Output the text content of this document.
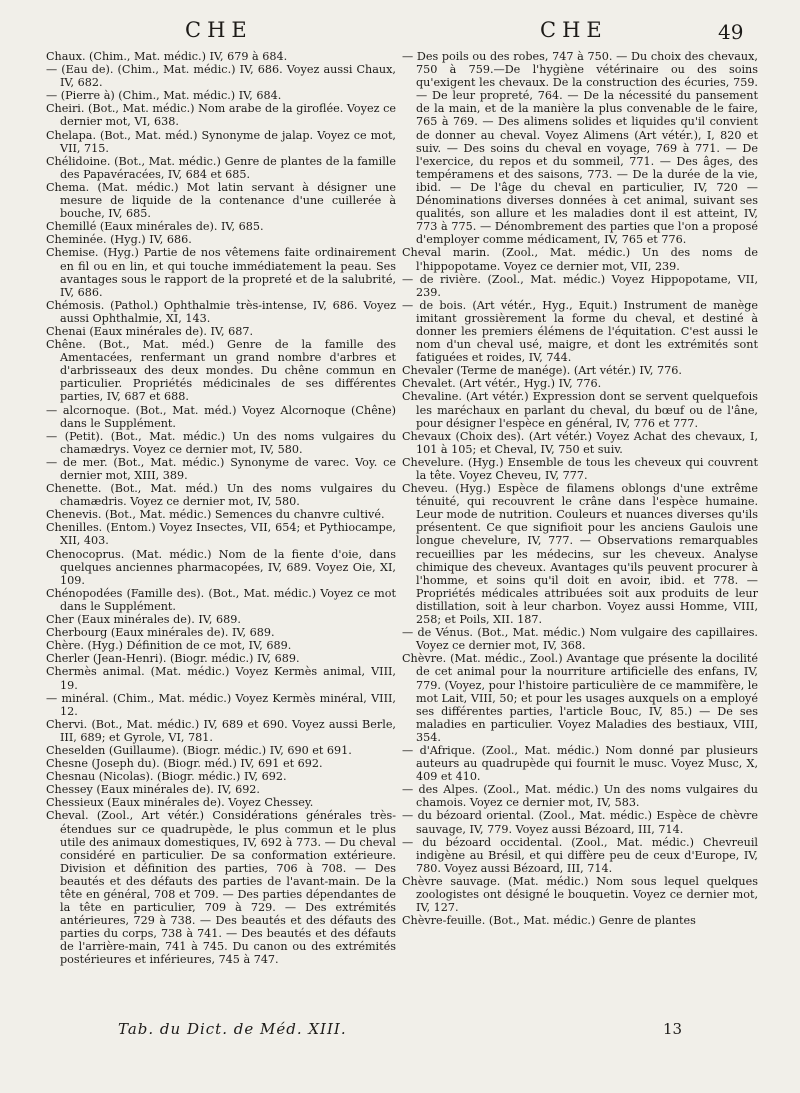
CHE	CHE	49

Chaux. (Chim., Mat. médic.) IV, 679 à 684.

— (Eau de). (Chim., Mat. médic.) IV, 686. Voyez aussi Chaux, IV, 682.

— (Pierre à) (Chim., Mat. médic.) IV, 684.

Cheiri. (Bot., Mat. médic.) Nom arabe de la giroflée. Voyez ce dernier mot, VI, 638.

Chelapa. (Bot., Mat. méd.) Synonyme de jalap. Voyez ce mot, VII, 715.

Chélidoine. (Bot., Mat. médic.) Genre de plantes de la famille des Papavéracées, IV, 684 et 685.

Chema. (Mat. médic.) Mot latin servant à désigner une mesure de liquide de la contenance d'une cuillerée à bouche, IV, 685.

Chemillé (Eaux minérales de). IV, 685.

Cheminée. (Hyg.) IV, 686.

Chemise. (Hyg.) Partie de nos vêtemens faite ordinairement en fil ou en lin, et qui touche immédiatement la peau. Ses avantages sous le rapport de la propreté et de la salubrité, IV, 686.

Chémosis. (Pathol.) Ophthalmie très-intense, IV, 686. Voyez aussi Ophthalmie, XI, 143.

Chenai (Eaux minérales de). IV, 687.

Chêne. (Bot., Mat. méd.) Genre de la famille des Amentacées, renfermant un grand nombre d'arbres et d'arbrisseaux des deux mondes. Du chêne commun en particulier. Propriétés médicinales de ses différentes parties, IV, 687 et 688.

— alcornoque. (Bot., Mat. méd.) Voyez Alcornoque (Chêne) dans le Supplément.

— (Petit). (Bot., Mat. médic.) Un des noms vulgaires du chamædrys. Voyez ce dernier mot, IV, 580.

— de mer. (Bot., Mat. médic.) Synonyme de varec. Voy. ce dernier mot, XIII, 389.

Chenette. (Bot., Mat. méd.) Un des noms vulgaires du chamædris. Voyez ce dernier mot, IV, 580.

Chenevis. (Bot., Mat. médic.) Semences du chanvre cultivé.

Chenilles. (Entom.) Voyez Insectes, VII, 654; et Pythiocampe, XII, 403.

Chenocoprus. (Mat. médic.) Nom de la fiente d'oie, dans quelques anciennes pharmacopées, IV, 689. Voyez Oie, XI, 109.

Chénopodées (Famille des). (Bot., Mat. médic.) Voyez ce mot dans le Supplément.

Cher (Eaux minérales de). IV, 689.

Cherbourg (Eaux minérales de). IV, 689.

Chère. (Hyg.) Définition de ce mot, IV, 689.

Cherler (Jean-Henri). (Biogr. médic.) IV, 689.

Chermès animal. (Mat. médic.) Voyez Kermès animal, VIII, 19.

— minéral. (Chim., Mat. médic.) Voyez Kermès minéral, VIII, 12.

Chervi. (Bot., Mat. médic.) IV, 689 et 690. Voyez aussi Berle, III, 689; et Gyrole, VI, 781.

Cheselden (Guillaume). (Biogr. médic.) IV, 690 et 691.

Chesne (Joseph du). (Biogr. méd.) IV, 691 et 692.

Chesnau (Nicolas). (Biogr. médic.) IV, 692.

Chessey (Eaux minérales de). IV, 692.

Chessieux (Eaux minérales de). Voyez Chessey.

Cheval. (Zool., Art vétér.) Considérations générales très-étendues sur ce quadrupède, le plus commun et le plus utile des animaux domestiques, IV, 692 à 773. — Du cheval considéré en particulier. De sa conformation extérieure. Division et définition des parties, 706 à 708. — Des beautés et des défauts des parties de l'avant-main. De la tête en général, 708 et 709. — Des parties dépendantes de la tête en particulier, 709 à 729. — Des extrémités antérieures, 729 à 738. — Des beautés et des défauts des parties du corps, 738 à 741. — Des beautés et des défauts de l'arrière-main, 741 à 745. Du canon ou des extrémités postérieures et inférieures, 745 à 747.

— Des poils ou des robes, 747 à 750. — Du choix des chevaux, 750 à 759.—De l'hygiène vétérinaire ou des soins qu'exigent les chevaux. De la construction des écuries, 759. — De leur propreté, 764. — De la nécessité du pansement de la main, et de la manière la plus convenable de le faire, 765 à 769. — Des alimens solides et liquides qu'il convient de donner au cheval. Voyez Alimens (Art vétér.), I, 820 et suiv. — Des soins du cheval en voyage, 769 à 771. — De l'exercice, du repos et du sommeil, 771. — Des âges, des tempéramens et des saisons, 773. — De la durée de la vie, ibid. — De l'âge du cheval en particulier, IV, 720 — Dénominations diverses données à cet animal, suivant ses qualités, son allure et les maladies dont il est atteint, IV, 773 à 775. — Dénombrement des parties que l'on a proposé d'employer comme médicament, IV, 765 et 776.

Cheval marin. (Zool., Mat. médic.) Un des noms de l'hippopotame. Voyez ce dernier mot, VII, 239.

— de rivière. (Zool., Mat. médic.) Voyez Hippopotame, VII, 239.

— de bois. (Art vétér., Hyg., Equit.) Instrument de manège imitant grossièrement la forme du cheval, et destiné à donner les premiers élémens de l'équitation. C'est aussi le nom d'un cheval usé, maigre, et dont les extrémités sont fatiguées et roides, IV, 744.

Chevaler (Terme de manége). (Art vétér.) IV, 776.

Chevalet. (Art vétér., Hyg.) IV, 776.

Chevaline. (Art vétér.) Expression dont se servent quelquefois les maréchaux en parlant du cheval, du bœuf ou de l'âne, pour désigner l'espèce en général, IV, 776 et 777.

Chevaux (Choix des). (Art vétér.) Voyez Achat des chevaux, I, 101 à 105; et Cheval, IV, 750 et suiv.

Chevelure. (Hyg.) Ensemble de tous les cheveux qui couvrent la tête. Voyez Cheveu, IV, 777.

Cheveu. (Hyg.) Espèce de filamens oblongs d'une extrême ténuité, qui recouvrent le crâne dans l'espèce humaine. Leur mode de nutrition. Couleurs et nuances diverses qu'ils présentent. Ce que signifioit pour les anciens Gaulois une longue chevelure, IV, 777. — Observations remarquables recueillies par les médecins, sur les cheveux. Analyse chimique des cheveux. Avantages qu'ils peuvent procurer à l'homme, et soins qu'il doit en avoir, ibid. et 778. — Propriétés médicales attribuées soit aux produits de leur distillation, soit à leur charbon. Voyez aussi Homme, VIII, 258; et Poils, XII. 187.

— de Vénus. (Bot., Mat. médic.) Nom vulgaire des capillaires. Voyez ce dernier mot, IV, 368.

Chèvre. (Mat. médic., Zool.) Avantage que présente la docilité de cet animal pour la nourriture artificielle des enfans, IV, 779. (Voyez, pour l'histoire particulière de ce mammifère, le mot Lait, VIII, 50; et pour les usages auxquels on a employé ses différentes parties, l'article Bouc, IV, 85.) — De ses maladies en particulier. Voyez Maladies des bestiaux, VIII, 354.

— d'Afrique. (Zool., Mat. médic.) Nom donné par plusieurs auteurs au quadrupède qui fournit le musc. Voyez Musc, X, 409 et 410.

— des Alpes. (Zool., Mat. médic.) Un des noms vulgaires du chamois. Voyez ce dernier mot, IV, 583.

— du bézoard oriental. (Zool., Mat. médic.) Espèce de chèvre sauvage, IV, 779. Voyez aussi Bézoard, III, 714.

— du bézoard occidental. (Zool., Mat. médic.) Chevreuil indigène au Brésil, et qui diffère peu de ceux d'Europe, IV, 780. Voyez aussi Bézoard, III, 714.

Chèvre sauvage. (Mat. médic.) Nom sous lequel quelques zoologistes ont désigné le bouquetin. Voyez ce dernier mot, IV, 127.

Chèvre-feuille. (Bot., Mat. médic.) Genre de plantes

Tab. du Dict. de Méd. XIII.	13
